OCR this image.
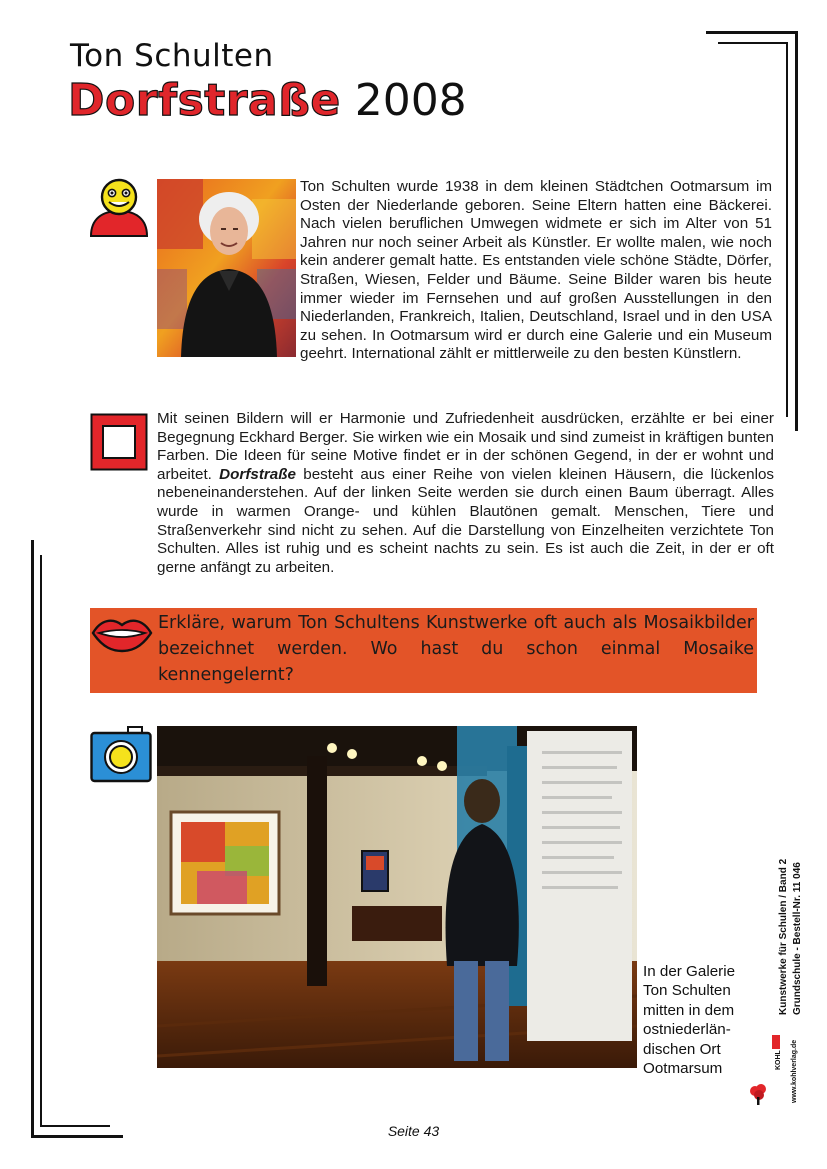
Ton Schulten
Dorfstraße 2008
Ton Schulten wurde 1938 in dem kleinen Städtchen Ootmarsum im Osten der Niederlande geboren. Seine Eltern hatten eine Bäckerei. Nach vielen beruflichen Umwegen widmete er sich im Alter von 51 Jahren nur noch seiner Arbeit als Künstler. Er wollte malen, wie noch kein anderer gemalt hatte. Es entstanden viele schöne Städte, Dörfer, Straßen, Wiesen, Felder und Bäume. Seine Bilder waren bis heute immer wieder im Fernsehen und auf großen Ausstellungen in den Niederlanden, Frankreich, Italien, Deutschland, Israel und in den USA zu sehen. In Ootmarsum wird er durch eine Galerie und ein Museum geehrt. International zählt er mittlerweile zu den besten Künstlern.
Mit seinen Bildern will er Harmonie und Zufriedenheit ausdrücken, erzählte er bei einer Begegnung Eckhard Berger. Sie wirken wie ein Mosaik und sind zumeist in kräftigen bunten Farben. Die Ideen für seine Motive findet er in der schönen Gegend, in der er wohnt und arbeitet. Dorfstraße besteht aus einer Reihe von vielen kleinen Häusern, die lückenlos nebeneinanderstehen. Auf der linken Seite werden sie durch einen Baum überragt. Alles wurde in warmen Orange- und kühlen Blautönen gemalt. Menschen, Tiere und Straßenverkehr sind nicht zu sehen. Auf die Darstellung von Einzelheiten verzichtete Ton Schulten. Alles ist ruhig und es scheint nachts zu sein. Es ist auch die Zeit, in der er oft gerne anfängt zu arbeiten.
Erkläre, warum Ton Schultens Kunstwerke oft auch als Mosaikbilder bezeichnet werden. Wo hast du schon einmal Mosaike kennengelernt?
In der Galerie
Ton Schulten
mitten in dem
ostniederlän-
dischen Ort
Ootmarsum
Kunstwerke für Schulen / Band 2 Grundschule - Bestell-Nr. 11 046
KOHL www.kohlverlag.de
Seite 43
